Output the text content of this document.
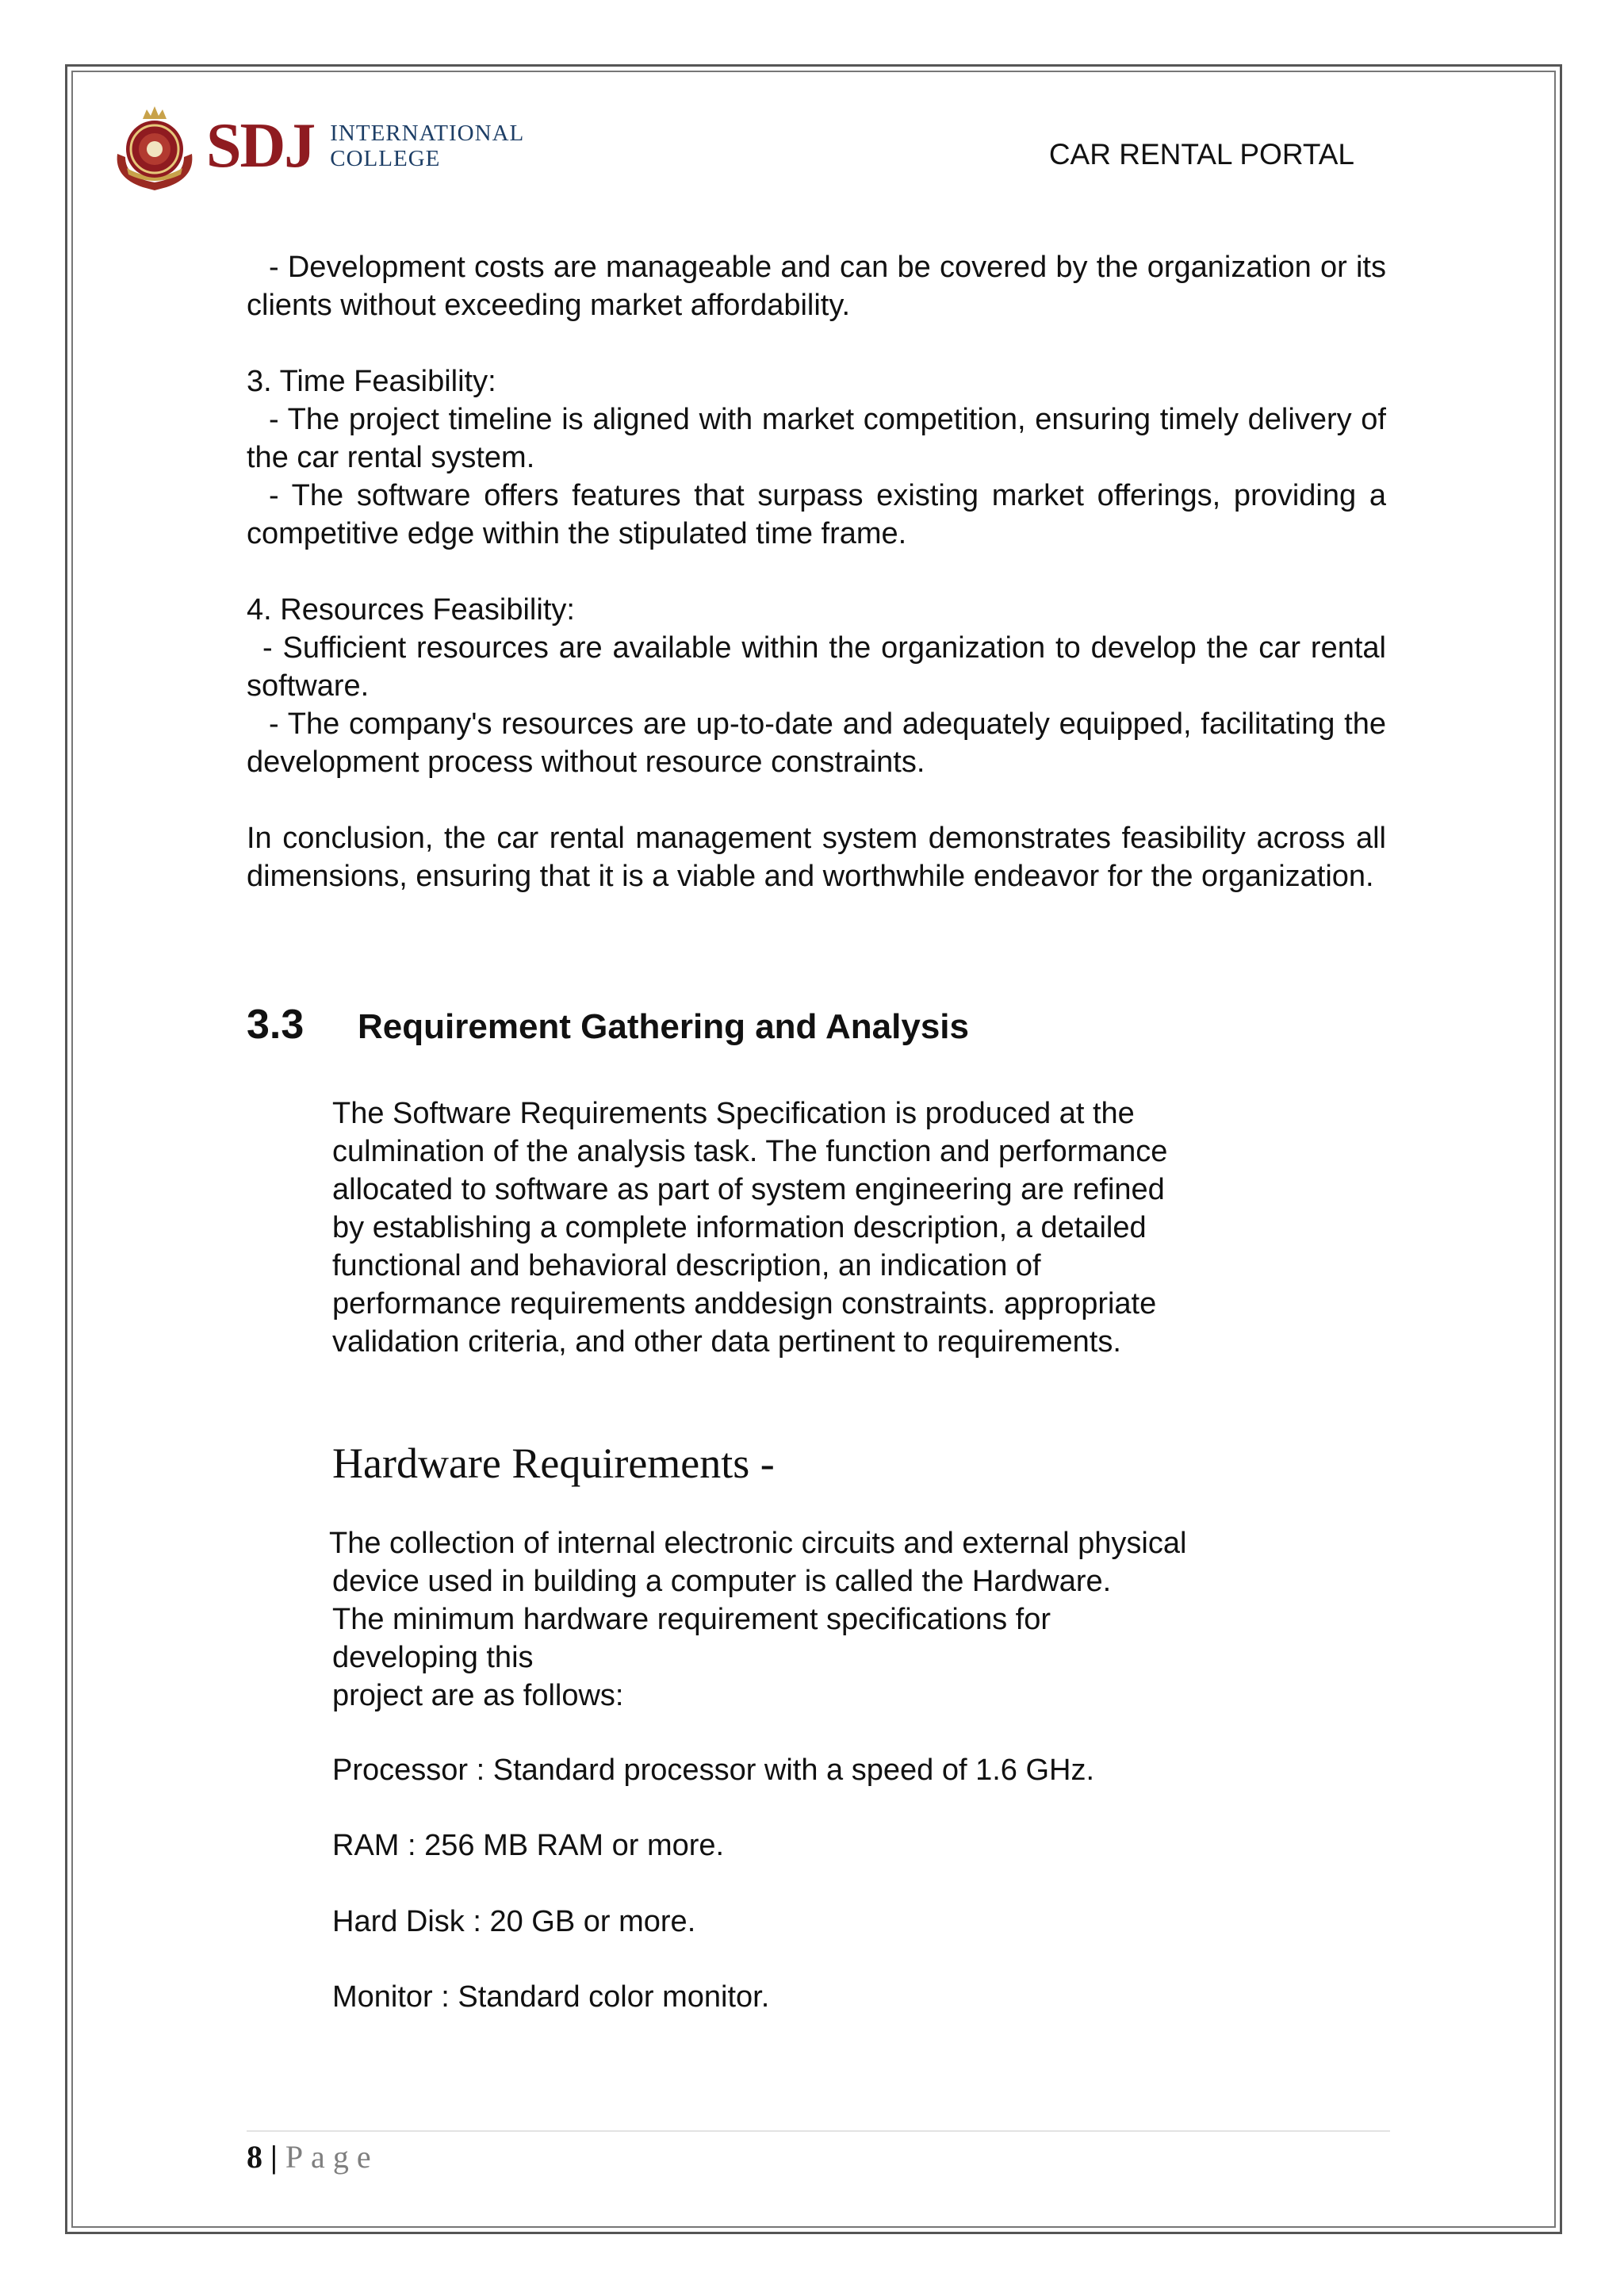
SDJ INTERNATIONAL
COLLEGE	CAR RENTAL PORTAL

- Development costs are manageable and can be covered by the organization or its clients without exceeding market affordability.

3. Time Feasibility:

- The project timeline is aligned with market competition, ensuring timely delivery of the car rental system.

- The software offers features that surpass existing market offerings, providing a competitive edge within the stipulated time frame.

4. Resources Feasibility:

- Sufficient resources are available within the organization to develop the car rental software.

- The company's resources are up-to-date and adequately equipped, facilitating the development process without resource constraints.

In conclusion, the car rental management system demonstrates feasibility across all dimensions, ensuring that it is a viable and worthwhile endeavor for the organization.

3.3	Requirement Gathering and Analysis

The Software Requirements Specification is produced at the

culmination of the analysis task. The function and performance

allocated to software as part of system engineering are refined

by establishing a complete information description, a detailed

functional and behavioral description, an indication of

performance requirements anddesign constraints. appropriate

validation criteria, and other data pertinent to requirements.

Hardware Requirements -

The collection of internal electronic circuits and external physical

device used in building a computer is called the Hardware.

The minimum hardware requirement specifications for

developing this

project are as follows:

Processor : Standard processor with a speed of 1.6 GHz.
RAM : 256 MB RAM or more.
Hard Disk : 20 GB or more.
Monitor : Standard color monitor.
8 | Page
